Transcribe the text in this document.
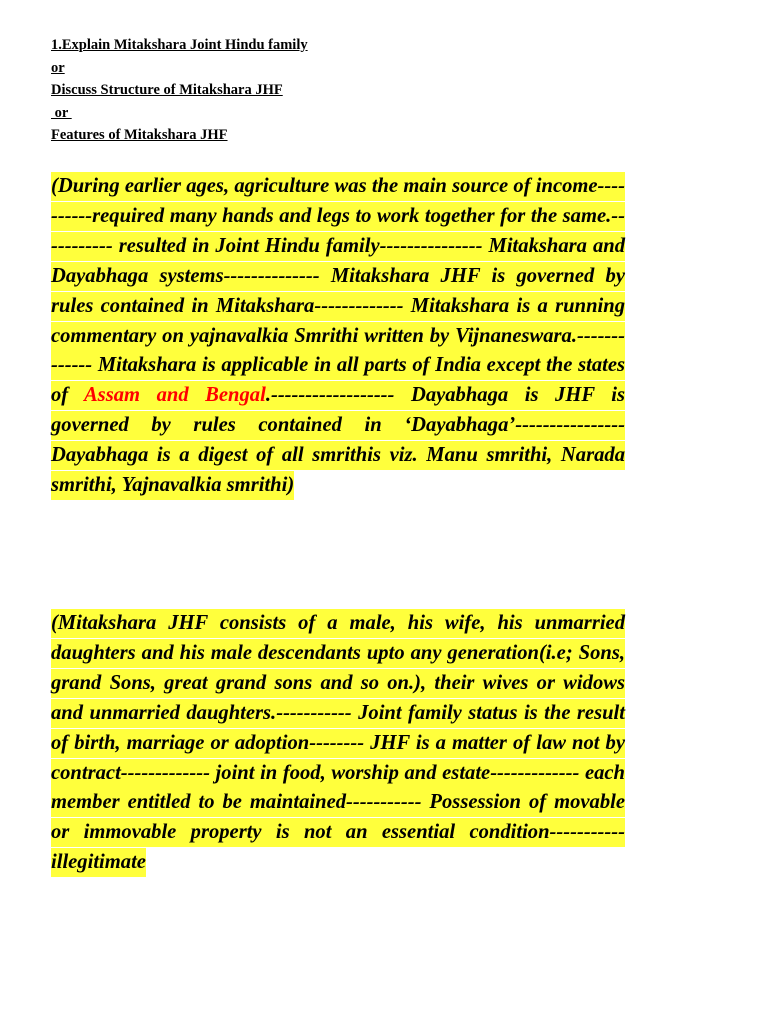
1.Explain Mitakshara Joint Hindu family
or
Discuss Structure of Mitakshara JHF
or
Features of Mitakshara JHF

(During earlier ages, agriculture was the main source of income----------required many hands and legs to work together for the same.----------- resulted in Joint Hindu family--------------- Mitakshara and Dayabhaga systems-------------- Mitakshara JHF is governed by rules contained in Mitakshara------------- Mitakshara is a running commentary on yajnavalkia Smrithi written by Vijnaneswara.------------- Mitakshara is applicable in all parts of India except the states of Assam and Bengal.------------------ Dayabhaga is JHF is governed by rules contained in ‘Dayabhaga’---------------- Dayabhaga is a digest of all smrithis viz. Manu smrithi, Narada smrithi, Yajnavalkia smrithi)

(Mitakshara JHF consists of a male, his wife, his unmarried daughters and his male descendants upto any generation(i.e; Sons, grand Sons, great grand sons and so on.), their wives or widows and unmarried daughters.----------- Joint family status is the result of birth, marriage or adoption-------- JHF is a matter of law not by contract------------- joint in food, worship and estate------------- each member entitled to be maintained----------- Possession of movable or immovable property is not an essential condition----------- illegitimate
